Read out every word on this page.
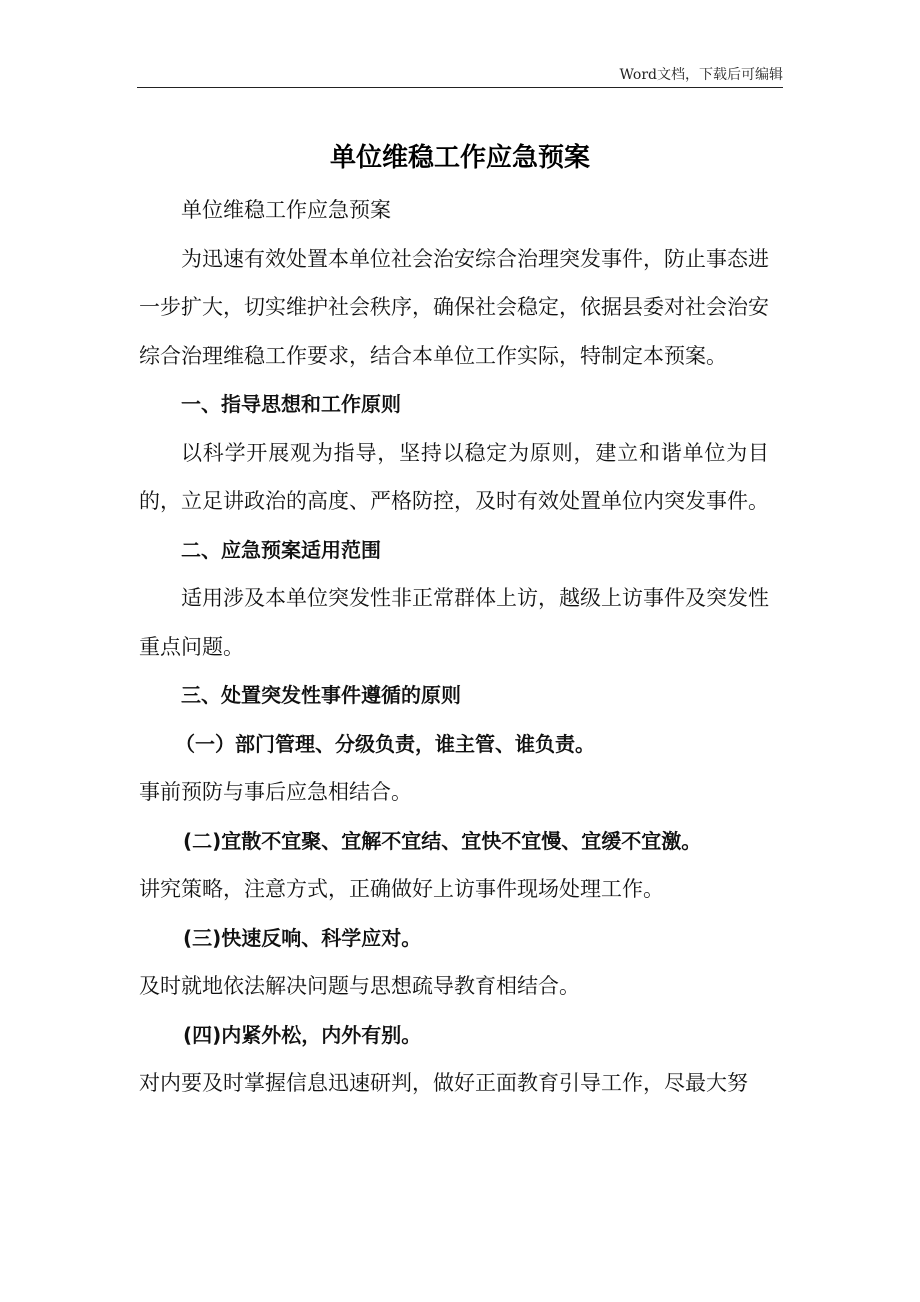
Word文档，下载后可编辑
单位维稳工作应急预案

单位维稳工作应急预案

为迅速有效处置本单位社会治安综合治理突发事件，防止事态进一步扩大，切实维护社会秩序，确保社会稳定，依据县委对社会治安综合治理维稳工作要求，结合本单位工作实际，特制定本预案。

一、指导思想和工作原则

以科学开展观为指导，坚持以稳定为原则，建立和谐单位为目的，立足讲政治的高度、严格防控，及时有效处置单位内突发事件。

二、应急预案适用范围

适用涉及本单位突发性非正常群体上访，越级上访事件及突发性重点问题。

三、处置突发性事件遵循的原则

（一）部门管理、分级负责，谁主管、谁负责。

事前预防与事后应急相结合。

(二)宜散不宜聚、宜解不宜结、宜快不宜慢、宜缓不宜激。

讲究策略，注意方式，正确做好上访事件现场处理工作。

(三)快速反响、科学应对。

及时就地依法解决问题与思想疏导教育相结合。

(四)内紧外松，内外有别。

对内要及时掌握信息迅速研判，做好正面教育引导工作，尽最大努
